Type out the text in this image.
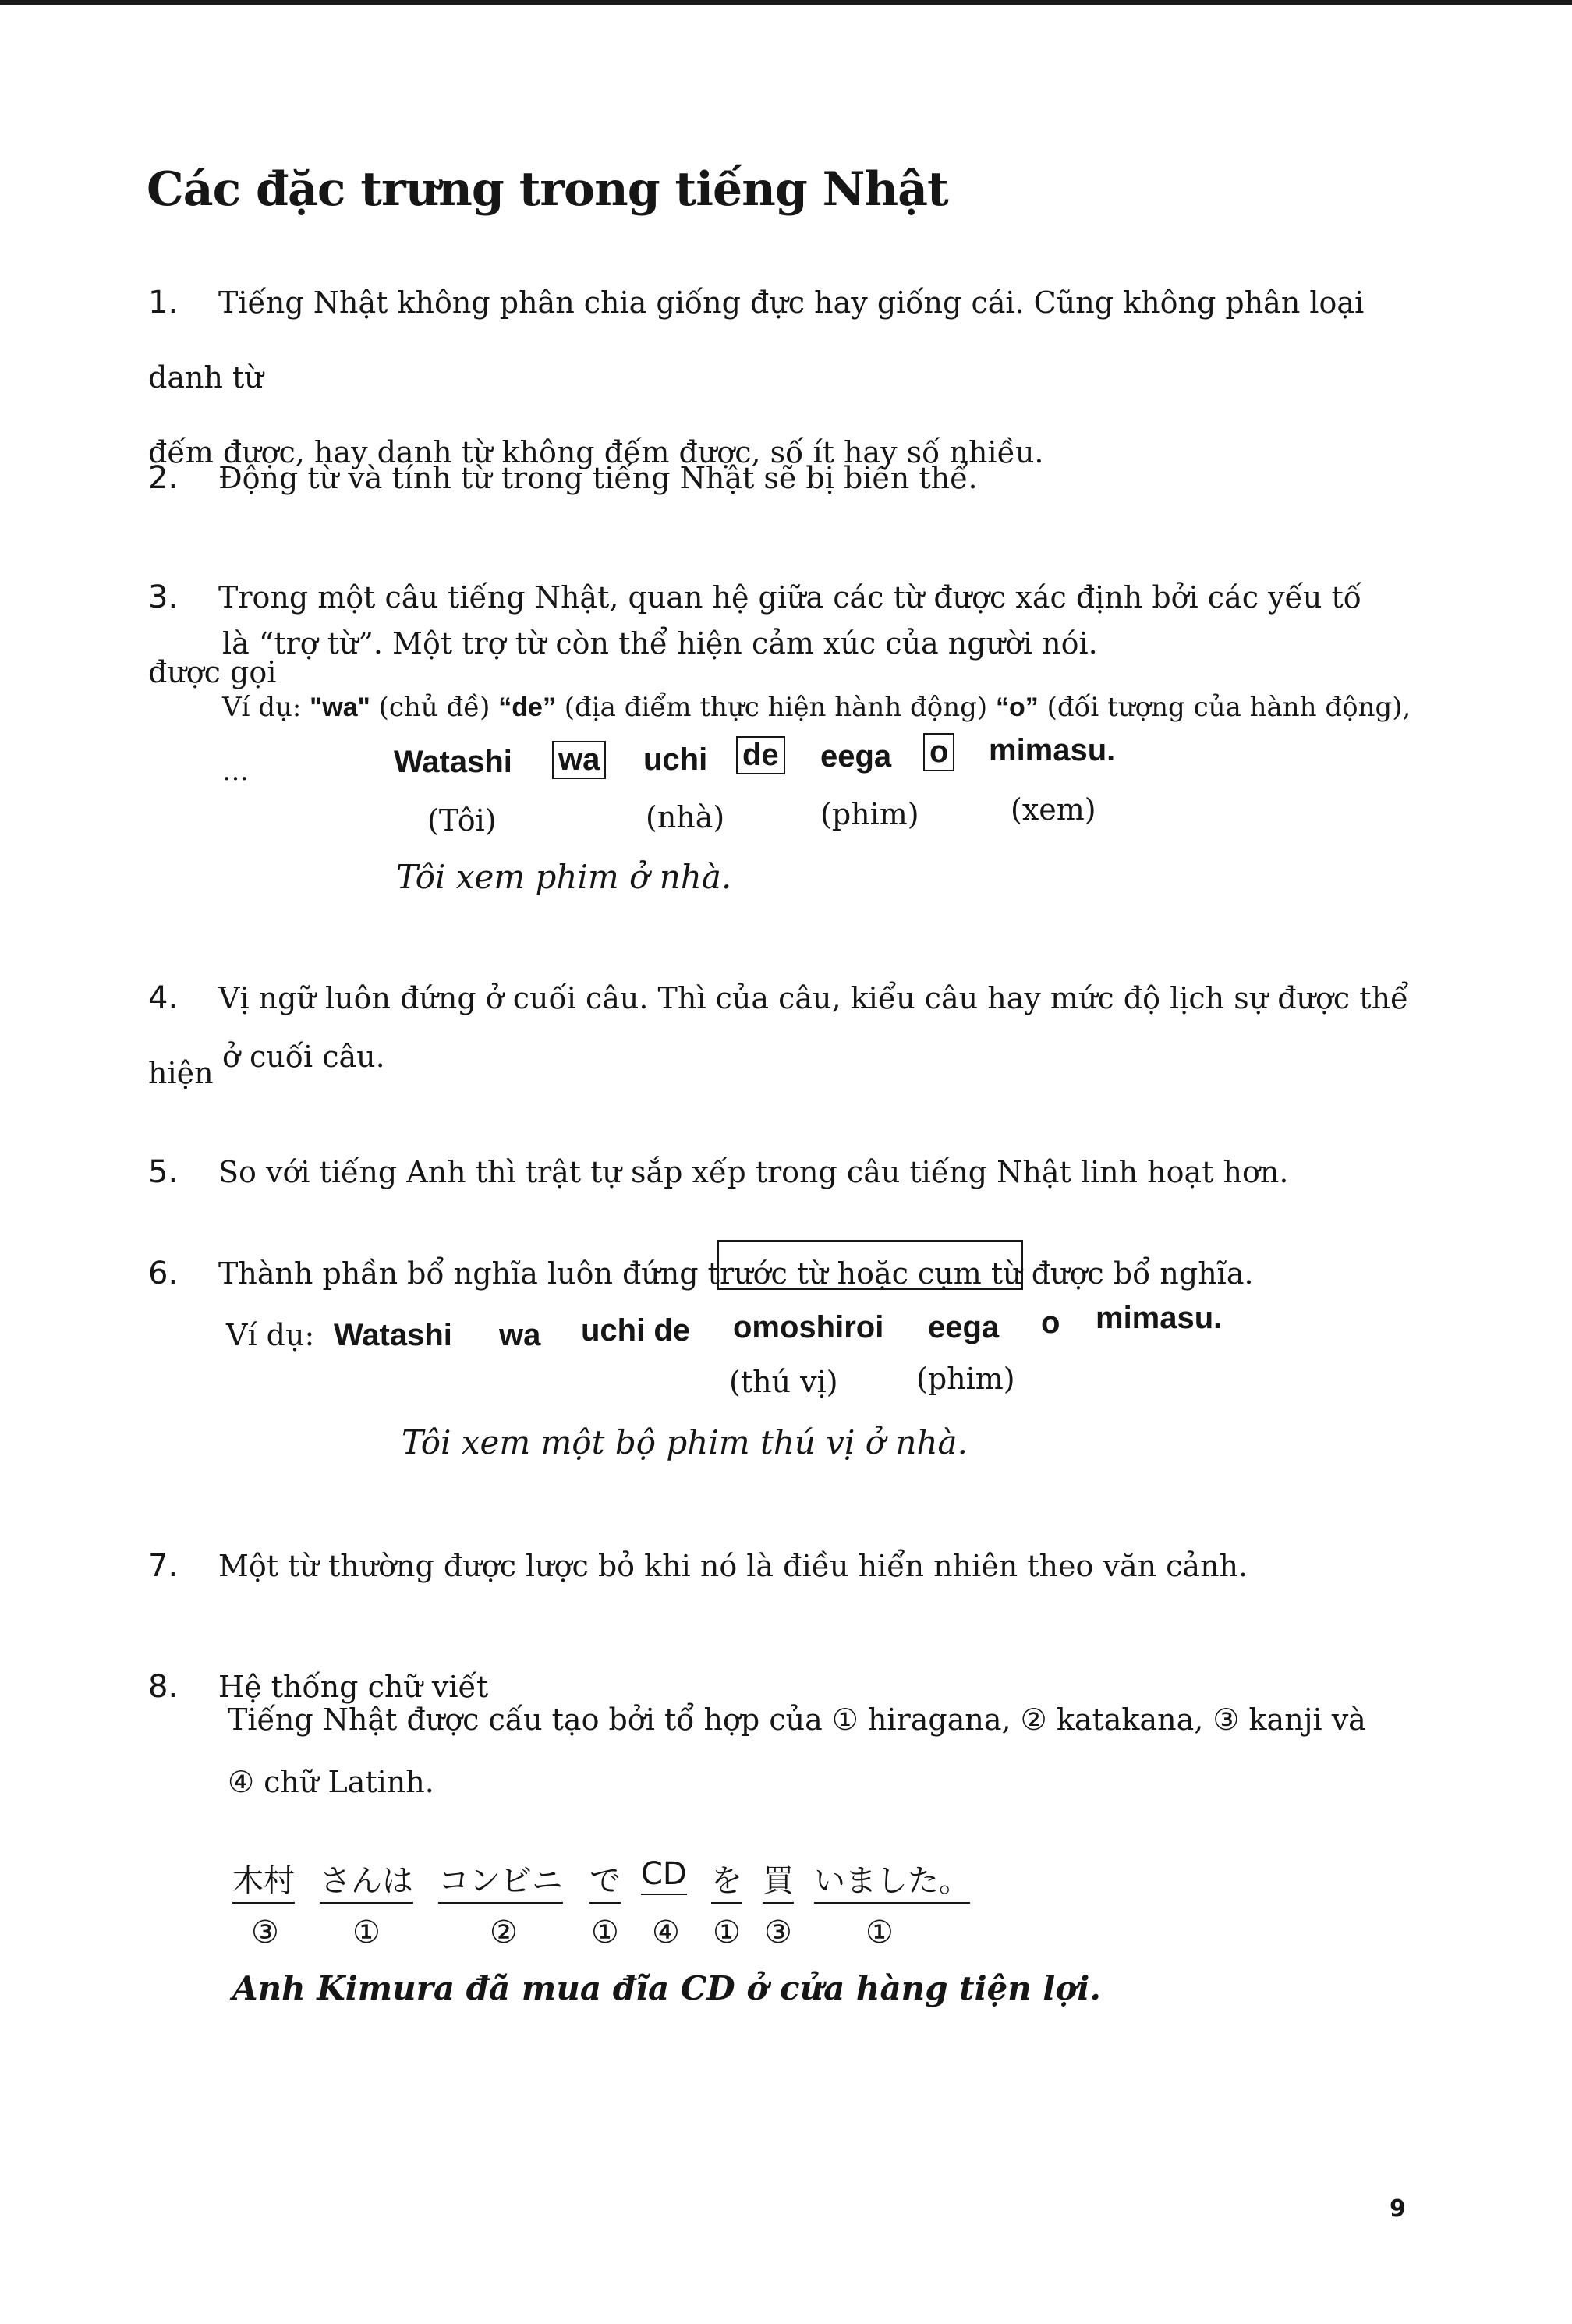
Các đặc trưng trong tiếng Nhật
1. Tiếng Nhật không phân chia giống đực hay giống cái. Cũng không phân loại danh từ
đếm được, hay danh từ không đếm được, số ít hay số nhiều.
2. Động từ và tính từ trong tiếng Nhật sẽ bị biến thể.
3. Trong một câu tiếng Nhật, quan hệ giữa các từ được xác định bởi các yếu tố được gọi
là “trợ từ”. Một trợ từ còn thể hiện cảm xúc của người nói.
Ví dụ: "wa" (chủ đề) “de” (địa điểm thực hiện hành động) “o” (đối tượng của hành động), …	Watashi wa uchi de eega o mimasu.
(Tôi)	(nhà)	(phim)	(xem)
Tôi xem phim ở nhà.
4. Vị ngữ luôn đứng ở cuối câu. Thì của câu, kiểu câu hay mức độ lịch sự được thể hiện ở cuối câu.
5. So với tiếng Anh thì trật tự sắp xếp trong câu tiếng Nhật linh hoạt hơn.
6. Thành phần bổ nghĩa luôn đứng trước từ hoặc cụm từ được bổ nghĩa.
Ví dụ: Watashi wa uchi de omoshiroi eega o mimasu.
(thú vị)	(phim)
Tôi xem một bộ phim thú vị ở nhà.
7. Một từ thường được lược bỏ khi nó là điều hiển nhiên theo văn cảnh.
8. Hệ thống chữ viết
Tiếng Nhật được cấu tạo bởi tổ hợp của ① hiragana, ② katakana, ③ kanji và
④ chữ Latinh.
木村 さんは コンビニ で CD を 買 いました。
③ ①	② ① ④ ① ③ ①
Anh Kimura đã mua đĩa CD ở cửa hàng tiện lợi.
9
